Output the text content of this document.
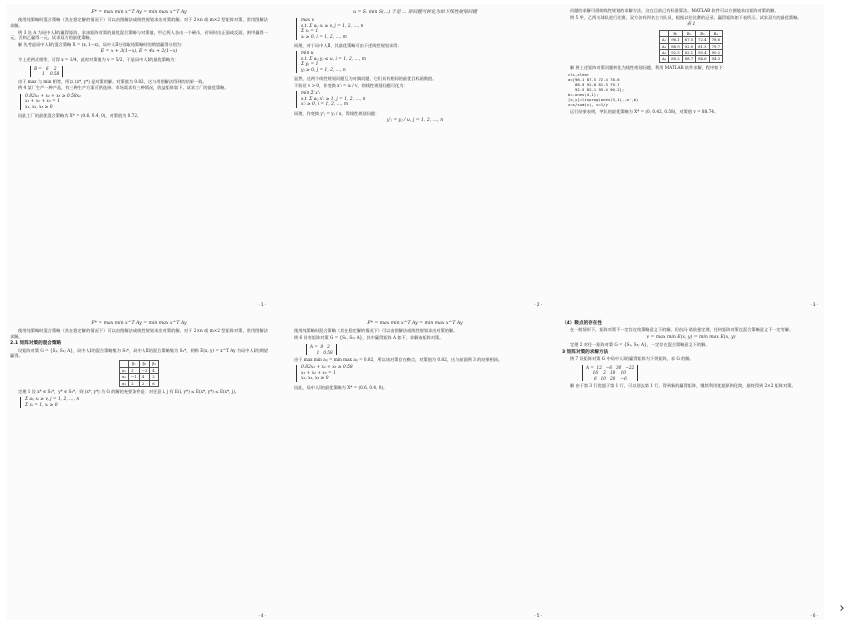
F* = max min x^T Ay = min max x^T Ay

使用纯策略时混合策略（其在稳定解的情况下）可以由图解法或线性规划求出对策的解。对于 2×n 或 m×2 型矩阵对策，常用图解法求解。

例 3 设 A 为局中人Ⅰ的赢得矩阵，求该矩阵对策的最优混合策略与对策值。甲乙两人各出一个硬币，若同时出正面或反面，则甲赢得一元，否则乙赢得一元。试求双方的最优策略。

解 先考虑局中人Ⅰ的混合策略 X = (x, 1−x)，局中人Ⅱ分别取纯策略时的期望赢得分别为：

E = x + 3(1−x), E = 4x + 2(1−x)

令上述两式相等，可得 x = 1/4，此时对策值为 v = 5/2，于是局中人Ⅰ的最优策略为：

B =   6    2
1    0.58

由于 max 与 min 相等，所以 (x*, y*) 是对策的解。对策值为 0.82，这与用图解法得到的结果一致。

例 4 某厂生产一种产品，有三种生产方案可供选择，市场需求有三种情况，收益矩阵如下。试求工厂的最优策略。

0.82x₁ + x₂ + x₃ ≥ 0.58x₁
x₁ + x₂ + x₃ = 1
x₁, x₂, x₃ ≥ 0

因此工厂的最优混合策略为 X* = (0.6, 0.4, 0)，对策值为 0.72。

· 1 ·
u = S. min S(...) 于是 ... 原问题可转化为如下线性规划问题
max v
s.t. Σ aᵢⱼ xᵢ ≥ v, j = 1, 2, …, n
Σ xᵢ = 1
xᵢ ≥ 0, i = 1, 2, …, m

同理，对于局中人Ⅱ，其最优策略可由下述线性规划求得：

min u
s.t. Σ aᵢⱼ yⱼ ≤ u, i = 1, 2, …, m
Σ yⱼ = 1
yⱼ ≥ 0, j = 1, 2, …, n

显然，这两个线性规划问题互为对偶问题，它们具有相同的最优目标函数值。

不妨设 v > 0，作变换 x'ᵢ = xᵢ / v，则线性规划问题可化为：

min Σ x'ᵢ
s.t. Σ aᵢⱼ x'ᵢ ≥ 1, j = 1, 2, …, n
x'ᵢ ≥ 0, i = 1, 2, …, m

同理，作变换 y'ⱼ = yⱼ / u，得线性规划问题：

y'ⱼ = yⱼ / u, j = 1, 2, …, n
· 2 ·

问题的求解可借助线性规划的求解方法，这在目前已有标准算法。MATLAB 软件可以方便地求出矩阵对策的解。

例 5 甲、乙两支球队进行比赛，双方各有四名主力队员，根据以往比赛的记录，赢得矩阵如下表所示。试求双方的最优策略。

表 1
	B₁	B₂	B₃	B₄
A₁	96.1	87.5	72.4	78.6
A₂	88.9	92.0	81.3	79.7
A₃	92.5	82.1	95.4	90.2
A₄	80.2	88.7	84.6	94.3

解 将上述矩阵对策问题转化为线性规划问题，利用 MATLAB 软件求解，程序如下：

clc,clear
a=[96.1 87.5 72.4 78.6
88.9 92.0 81.3 79.7
92.5 82.1 95.4 90.2];
b=-ones(4,1);
[x,y]=linprog(ones(3,1),-a',b)
x=x/sum(x), v=1/y

运行结果表明，甲队的最优策略为 X* = (0, 0.42, 0.58)，对策值 v = 88.74。

· 3 ·
F* = max min x^T Ay = min max x^T Ay

使用纯策略时混合策略（其在稳定解的情况下）可以由图解法或线性规划求出对策的解。对于 2×n 或 m×2 型矩阵对策，常用图解法求解。

2.1 矩阵对策的混合策略

设矩阵对策 G = {S₁, S₂; A}，局中人Ⅰ的混合策略集为 S₁*，局中人Ⅱ的混合策略集为 S₂*，则称 E(x, y) = x^T Ay 为局中人Ⅰ的期望赢得。

	β₁	β₂	β₃
α₁	3	−2	4
α₂	−1	4	2
α₃	2	2	6

定理 1 设 x* ∈ S₁*，y* ∈ S₂*，则 (x*, y*) 为 G 的解的充要条件是：对任意 i, j 有 E(i, y*) ≤ E(x*, y*) ≤ E(x*, j)。

Σ aᵢⱼ xᵢ ≥ v, j = 1, 2, …, n
Σ xᵢ = 1, xᵢ ≥ 0
· 4 ·
F* = max min x^T Ay = min max x^T Ay

使用纯策略时混合策略（其在稳定解的情况下）可以由图解法或线性规划求出对策的解。

例 6 设有矩阵对策 G = {S₁, S₂; A}，其中赢得矩阵 A 如下，求解该矩阵对策。

A =  8   2
1   0.58

由于 max min aᵢⱼ = min max aᵢⱼ = 0.82，所以该对策存在鞍点，对策值为 0.82，这与前面例 3 的结果相同。

0.82x₁ + x₂ + x₃ ≥ 0.58
x₁ + x₂ + x₃ = 1
x₁, x₂, x₃ ≥ 0

因此，局中人Ⅰ的最优策略为 X* = (0.6, 0.4, 0)。

· 5 ·
（4）鞍点的存在性

在一般情形下，矩阵对策不一定存在纯策略意义下的解。但由冯·诺依曼定理，任何矩阵对策在混合策略意义下一定有解。

v = max min E(x, y) = min max E(x, y)

定理 2 对任一矩阵对策 G = {S₁, S₂; A}，一定存在混合策略意义下的解。

3 矩阵对策的求解方法

例 7 设矩阵对策 G 中局中人Ⅰ的赢得矩阵为下列矩阵，求 G 的解。

A =  12   −6   30   −22
16    2   18    10
6   10   20    −6

解 由于第 3 行优超于第 1 行，可以划去第 1 行，得到新的赢得矩阵，继续利用优超原则化简，最终得到 2×2 矩阵对策。

· 6 ·	›
